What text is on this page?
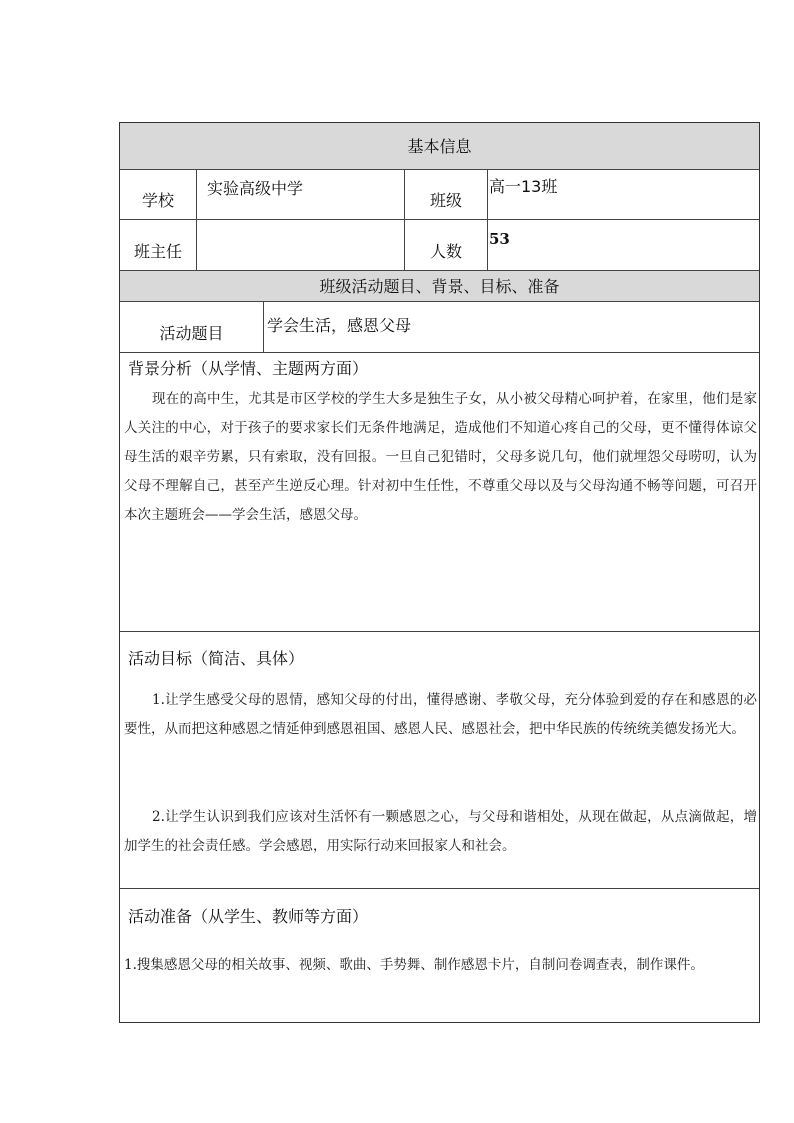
基本信息
学校
实验高级中学
班级
高一13班
班主任	人数
53
班级活动题目、背景、目标、准备
活动题目	学会生活，感恩父母
背景分析（从学情、主题两方面）
现在的高中生，尤其是市区学校的学生大多是独生子女，从小被父母精心呵护着，在家里，他们是家人关注的中心，对于孩子的要求家长们无条件地满足，造成他们不知道心疼自己的父母，更不懂得体谅父母生活的艰辛劳累，只有索取，没有回报。一旦自己犯错时，父母多说几句，他们就埋怨父母唠叨，认为父母不理解自己，甚至产生逆反心理。针对初中生任性，不尊重父母以及与父母沟通不畅等问题，可召开本次主题班会——学会生活，感恩父母。
活动目标（简洁、具体）
1.让学生感受父母的恩情，感知父母的付出，懂得感谢、孝敬父母，充分体验到爱的存在和感恩的必要性，从而把这种感恩之情延伸到感恩祖国、感恩人民、感恩社会，把中华民族的传统统美德发扬光大。
2.让学生认识到我们应该对生活怀有一颗感恩之心，与父母和谐相处，从现在做起，从点滴做起，增加学生的社会责任感。学会感恩，用实际行动来回报家人和社会。
活动准备（从学生、教师等方面）
1.搜集感恩父母的相关故事、视频、歌曲、手势舞、制作感恩卡片，自制问卷调查表，制作课件。
